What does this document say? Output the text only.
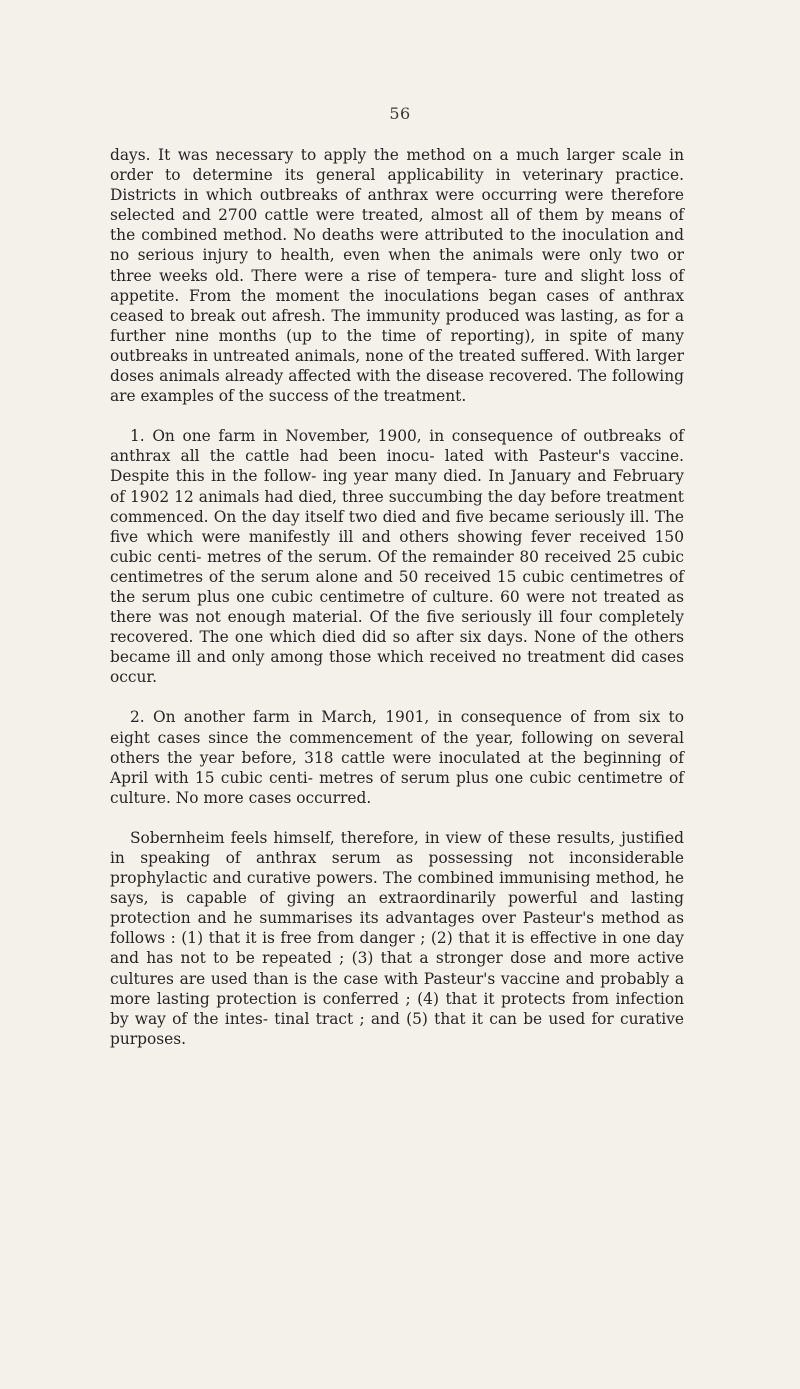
56

days. It was necessary to apply the method on a much larger scale in order to determine its general applicability in veterinary practice. Districts in which outbreaks of anthrax were occurring were therefore selected and 2700 cattle were treated, almost all of them by means of the combined method. No deaths were attributed to the inoculation and no serious injury to health, even when the animals were only two or three weeks old. There were a rise of tempera- ture and slight loss of appetite. From the moment the inoculations began cases of anthrax ceased to break out afresh. The immunity produced was lasting, as for a further nine months (up to the time of reporting), in spite of many outbreaks in untreated animals, none of the treated suffered. With larger doses animals already affected with the disease recovered. The following are examples of the success of the treatment.

1. On one farm in November, 1900, in consequence of outbreaks of anthrax all the cattle had been inocu- lated with Pasteur's vaccine. Despite this in the follow- ing year many died. In January and February of 1902 12 animals had died, three succumbing the day before treatment commenced. On the day itself two died and five became seriously ill. The five which were manifestly ill and others showing fever received 150 cubic centi- metres of the serum. Of the remainder 80 received 25 cubic centimetres of the serum alone and 50 received 15 cubic centimetres of the serum plus one cubic centimetre of culture. 60 were not treated as there was not enough material. Of the five seriously ill four completely recovered. The one which died did so after six days. None of the others became ill and only among those which received no treatment did cases occur.

2. On another farm in March, 1901, in consequence of from six to eight cases since the commencement of the year, following on several others the year before, 318 cattle were inoculated at the beginning of April with 15 cubic centi- metres of serum plus one cubic centimetre of culture. No more cases occurred.

Sobernheim feels himself, therefore, in view of these results, justified in speaking of anthrax serum as possessing not inconsiderable prophylactic and curative powers. The combined immunising method, he says, is capable of giving an extraordinarily powerful and lasting protection and he summarises its advantages over Pasteur's method as follows : (1) that it is free from danger ; (2) that it is effective in one day and has not to be repeated ; (3) that a stronger dose and more active cultures are used than is the case with Pasteur's vaccine and probably a more lasting protection is conferred ; (4) that it protects from infection by way of the intes- tinal tract ; and (5) that it can be used for curative purposes.
